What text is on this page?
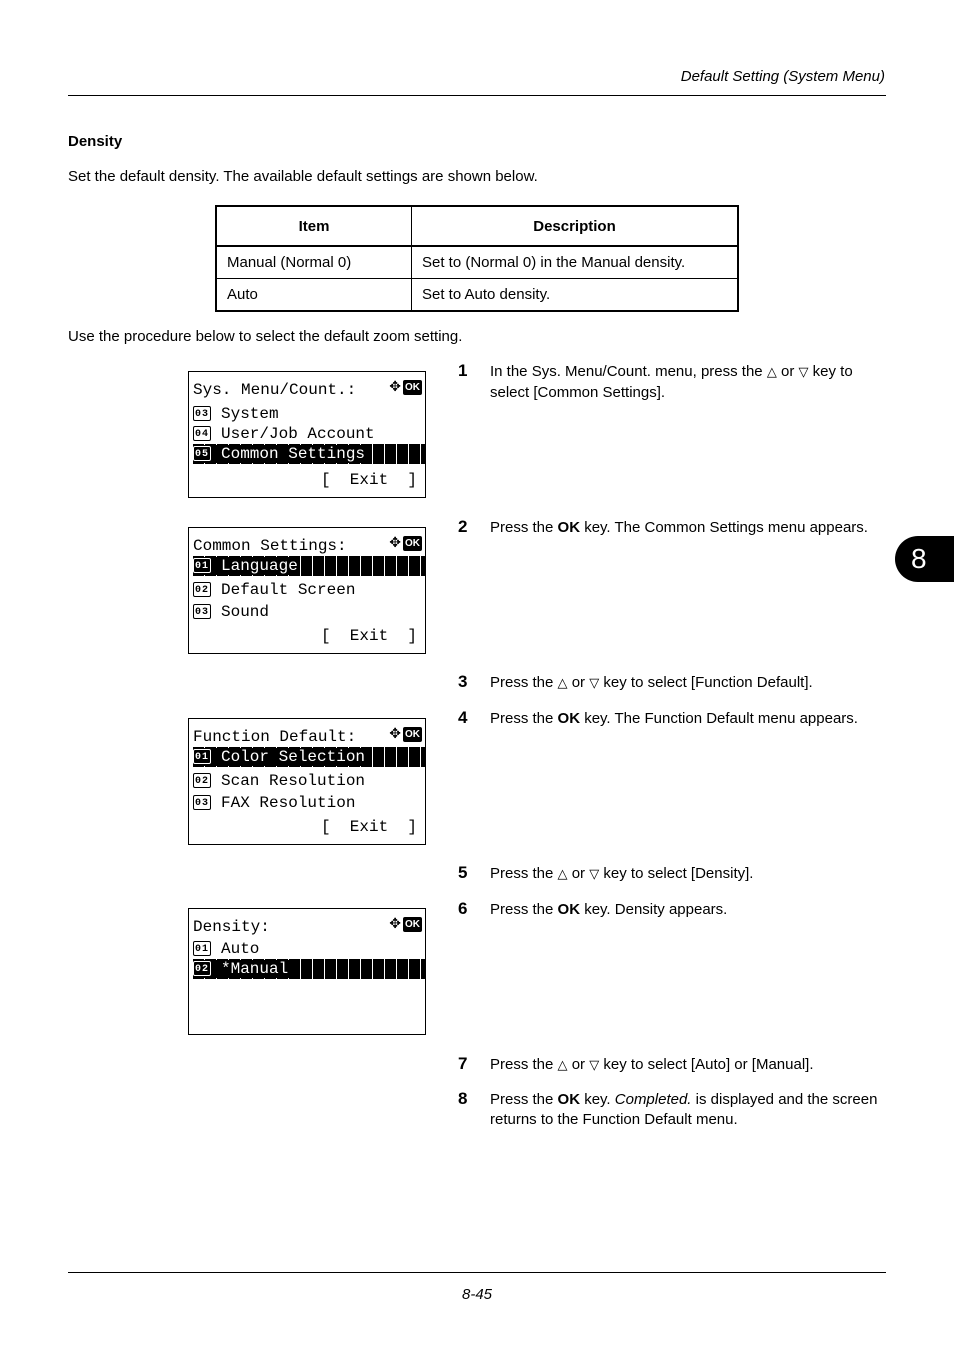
Default Setting (System Menu)
Density
Set the default density. The available default settings are shown below.
Item	Description
Manual (Normal 0)	Set to (Normal 0) in the Manual density.
Auto	Set to Auto density.
Use the procedure below to select the default zoom setting.
Sys. Menu/Count.:	✥ OK
03 System
04 User/Job Account
05 Common Settings
[  Exit  ]
Common Settings:	✥ OK
01 Language
02 Default Screen
03 Sound
[  Exit  ]
Function Default:	✥ OK
01 Color Selection
02 Scan Resolution
03 FAX Resolution
[  Exit  ]
Density:	✥ OK
01 Auto
02 *Manual
1 In the Sys. Menu/Count. menu, press the △ or ▽ key to select [Common Settings].
2 Press the OK key. The Common Settings menu appears.
3 Press the △ or ▽ key to select [Function Default].
4 Press the OK key. The Function Default menu appears.
5 Press the △ or ▽ key to select [Density].
6 Press the OK key. Density appears.
7 Press the △ or ▽ key to select [Auto] or [Manual].
8 Press the OK key. Completed. is displayed and the screen returns to the Function Default menu.
8
8-45
